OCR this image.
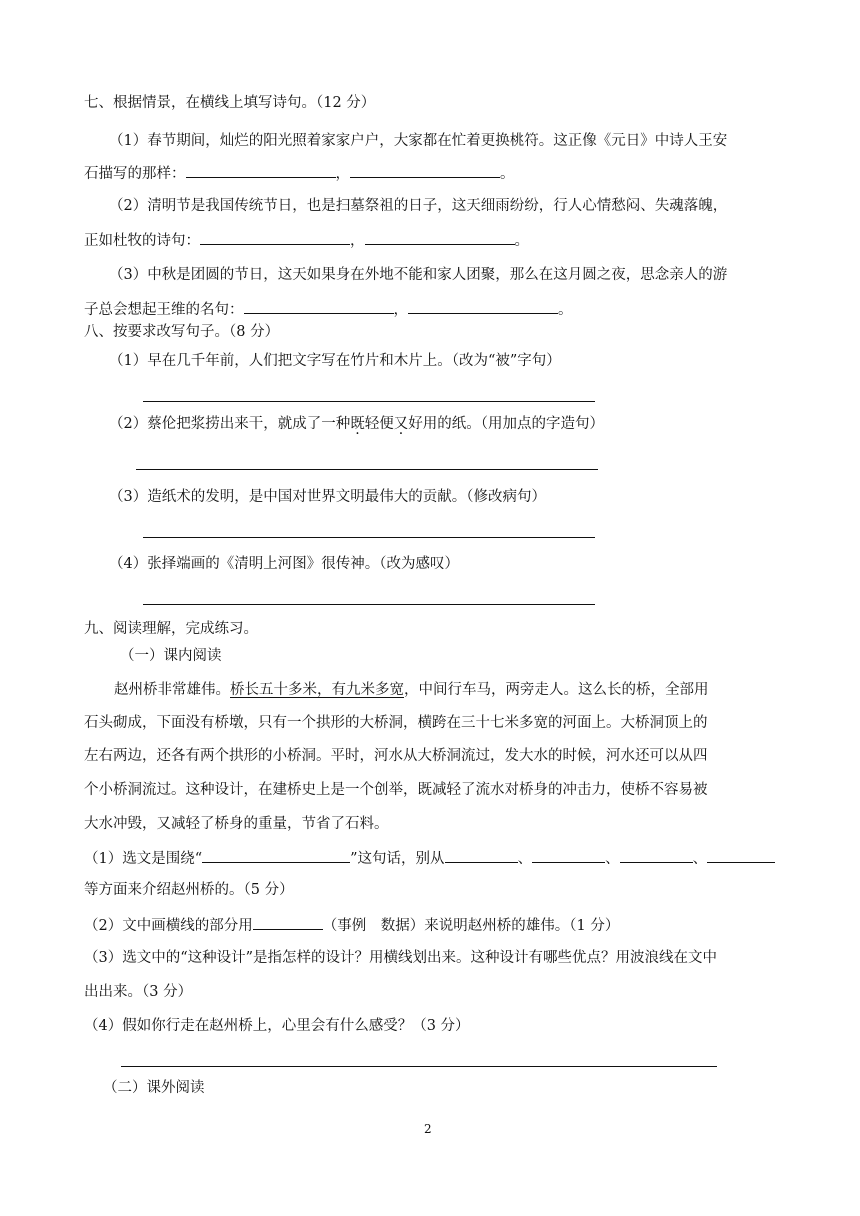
七、根据情景，在横线上填写诗句。（12 分）
（1）春节期间，灿烂的阳光照着家家户户，大家都在忙着更换桃符。这正像《元日》中诗人王安
石描写的那样：	，	。
（2）清明节是我国传统节日，也是扫墓祭祖的日子，这天细雨纷纷，行人心情愁闷、失魂落魄，
正如杜牧的诗句：	，	。
（3）中秋是团圆的节日，这天如果身在外地不能和家人团聚，那么在这月圆之夜，思念亲人的游
子总会想起王维的名句：	，	。
八、按要求改写句子。（8 分）
（1）早在几千年前，人们把文字写在竹片和木片上。（改为“被”字句）
（2）蔡伦把浆捞出来干，就成了一种既轻便又好用的纸。（用加点的字造句）
（3）造纸术的发明，是中国对世界文明最伟大的贡献。（修改病句）
（4）张择端画的《清明上河图》很传神。（改为感叹）
九、阅读理解，完成练习。
（一）课内阅读
赵州桥非常雄伟。桥长五十多米，有九米多宽，中间行车马，两旁走人。这么长的桥，全部用
石头砌成，下面没有桥墩，只有一个拱形的大桥洞，横跨在三十七米多宽的河面上。大桥洞顶上的
左右两边，还各有两个拱形的小桥洞。平时，河水从大桥洞流过，发大水的时候，河水还可以从四
个小桥洞流过。这种设计，在建桥史上是一个创举，既减轻了流水对桥身的冲击力，使桥不容易被
大水冲毁，又减轻了桥身的重量，节省了石料。
（1）选文是围绕“	”这句话，别从	、	、	、
等方面来介绍赵州桥的。（5 分）
（2）文中画横线的部分用	（事例　数据）来说明赵州桥的雄伟。（1 分）
（3）选文中的“这种设计”是指怎样的设计？用横线划出来。这种设计有哪些优点？用波浪线在文中
出出来。（3 分）
（4）假如你行走在赵州桥上，心里会有什么感受？（3 分）
（二）课外阅读
2
